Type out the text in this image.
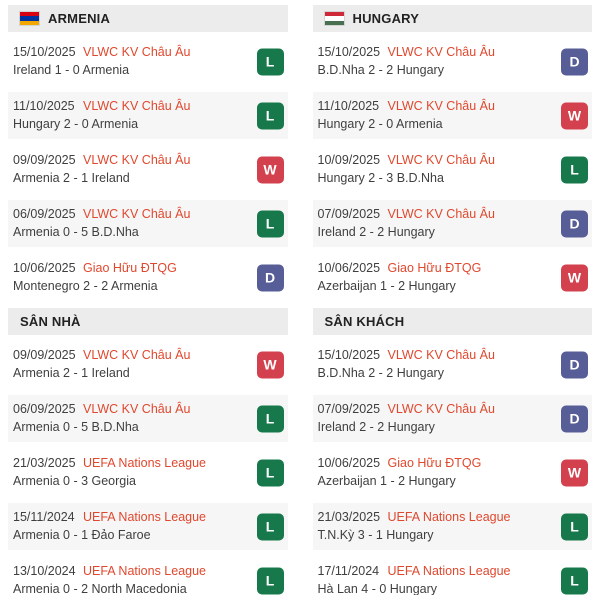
ARMENIA
15/10/2025 VLWC KV Châu Âu
Ireland 1 - 0 Armenia
L
11/10/2025 VLWC KV Châu Âu
Hungary 2 - 0 Armenia
L
09/09/2025 VLWC KV Châu Âu
Armenia 2 - 1 Ireland
W
06/09/2025 VLWC KV Châu Âu
Armenia 0 - 5 B.D.Nha
L
10/06/2025 Giao Hữu ĐTQG
Montenegro 2 - 2 Armenia
D
SÂN NHÀ
09/09/2025 VLWC KV Châu Âu
Armenia 2 - 1 Ireland
W
06/09/2025 VLWC KV Châu Âu
Armenia 0 - 5 B.D.Nha
L
21/03/2025 UEFA Nations League
Armenia 0 - 3 Georgia
L
15/11/2024 UEFA Nations League
Armenia 0 - 1 Đảo Faroe
L
13/10/2024 UEFA Nations League
Armenia 0 - 2 North Macedonia
L
HUNGARY
15/10/2025 VLWC KV Châu Âu
B.D.Nha 2 - 2 Hungary
D
11/10/2025 VLWC KV Châu Âu
Hungary 2 - 0 Armenia
W
10/09/2025 VLWC KV Châu Âu
Hungary 2 - 3 B.D.Nha
L
07/09/2025 VLWC KV Châu Âu
Ireland 2 - 2 Hungary
D
10/06/2025 Giao Hữu ĐTQG
Azerbaijan 1 - 2 Hungary
W
SÂN KHÁCH
15/10/2025 VLWC KV Châu Âu
B.D.Nha 2 - 2 Hungary
D
07/09/2025 VLWC KV Châu Âu
Ireland 2 - 2 Hungary
D
10/06/2025 Giao Hữu ĐTQG
Azerbaijan 1 - 2 Hungary
W
21/03/2025 UEFA Nations League
T.N.Kỳ 3 - 1 Hungary
L
17/11/2024 UEFA Nations League
Hà Lan 4 - 0 Hungary
L
